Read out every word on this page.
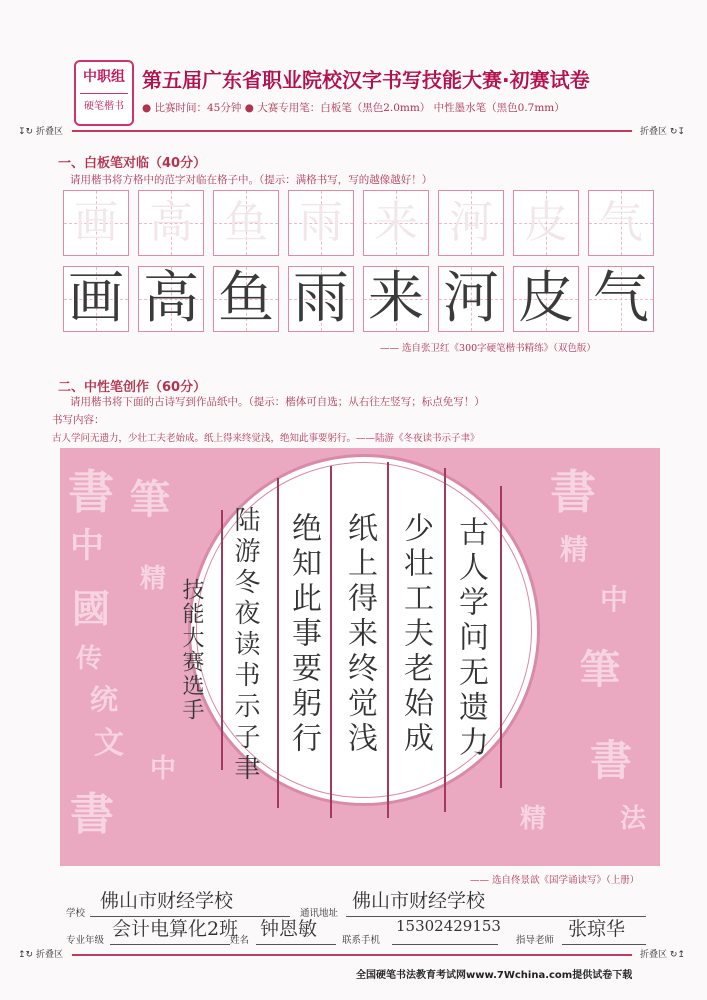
中职组
硬笔楷书
第五届广东省职业院校汉字书写技能大赛·初赛试卷
● 比赛时间：45分钟 ● 大赛专用笔：白板笔（黑色2.0mm） 中性墨水笔（黑色0.7mm）
↧↻ 折叠区	折叠区 ↻↧
一、白板笔对临（40分）
请用楷书将方格中的范字对临在格子中。（提示：满格书写，写的越像越好！）
画 高 鱼 雨 来 河 皮 气
画 高 鱼 雨 来 河 皮 气
—— 选自张卫红《300字硬笔楷书精练》（双色版）
二、中性笔创作（60分）
请用楷书将下面的古诗写到作品纸中。（提示：楷体可自选；从右往左竖写；标点免写！）
书写内容：
古人学问无遗力，少壮工夫老始成。纸上得来终觉浅，绝知此事要躬行。——陆游《冬夜读书示子聿》
書
中
國
传
统
文
書
筆
精
中
書
精
中
筆
書
法
精
古人学问无遗力
少壮工夫老始成
纸上得来终觉浅
绝知此事要躬行
陆游冬夜读书示子聿
技能大赛选手
—— 选自佟景歆《国学诵读写》（上册）
学校
佛山市财经学校
通讯地址
佛山市财经学校
专业年级
会计电算化2班
姓名
钟恩敏
联系手机
15302429153
指导老师
张琼华
↥↻ 折叠区	折叠区 ↻↥
全国硬笔书法教育考试网www.7Wchina.com提供试卷下载
